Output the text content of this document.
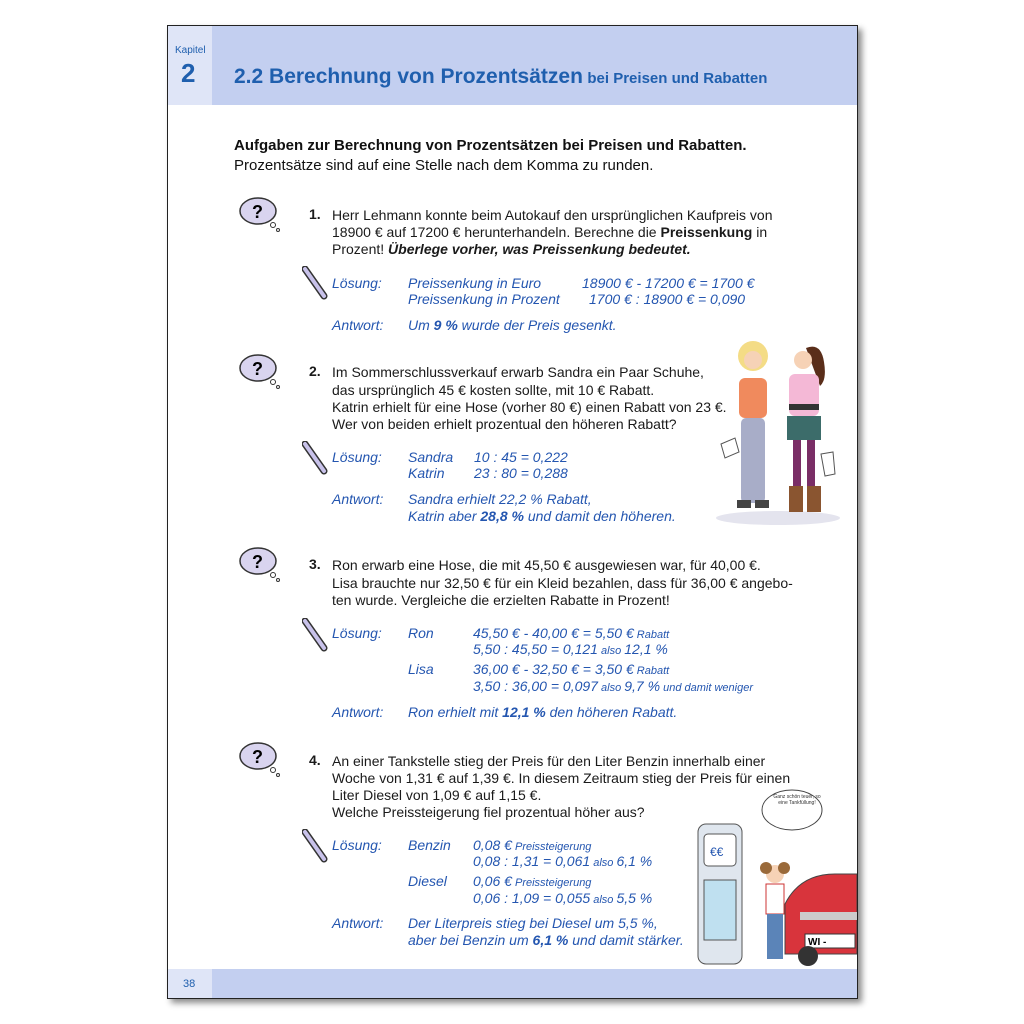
Kapitel
2 2.2 Berechnung von Prozentsätzen bei Preisen und Rabatten
Aufgaben zur Berechnung von Prozentsätzen bei Preisen und Rabatten.
Prozentsätze sind auf eine Stelle nach dem Komma zu runden.
?
?
?
?
1. Herr Lehmann konnte beim Autokauf den ursprünglichen Kaufpreis von
18900 € auf 17200 € herunterhandeln. Berechne die Preissenkung in
Prozent! Überlege vorher, was Preissenkung bedeutet.
Lösung: Preissenkung in Euro	18900 € - 17200 € = 1700 €
Preissenkung in Prozent 1700 € : 18900 € = 0,090
Antwort: Um 9 % wurde der Preis gesenkt.
2. Im Sommerschlussverkauf erwarb Sandra ein Paar Schuhe,
das ursprünglich 45 € kosten sollte, mit 10 € Rabatt.
Katrin erhielt für eine Hose (vorher 80 €) einen Rabatt von 23 €.
Wer von beiden erhielt prozentual den höheren Rabatt?
Lösung: Sandra 10 : 45 = 0,222
Katrin 23 : 80 = 0,288
Antwort: Sandra erhielt 22,2 % Rabatt,
Katrin aber 28,8 % und damit den höheren.
3. Ron erwarb eine Hose, die mit 45,50 € ausgewiesen war, für 40,00 €.
Lisa brauchte nur 32,50 € für ein Kleid bezahlen, dass für 36,00 € angebo-
ten wurde. Vergleiche die erzielten Rabatte in Prozent!
Lösung: Ron	45,50 € - 40,00 € = 5,50 € Rabatt
5,50 : 45,50 = 0,121 also 12,1 %
Lisa	36,00 € - 32,50 € = 3,50 € Rabatt
3,50 : 36,00 = 0,097 also 9,7 % und damit weniger
Antwort: Ron erhielt mit 12,1 % den höheren Rabatt.
4. An einer Tankstelle stieg der Preis für den Liter Benzin innerhalb einer
Woche von 1,31 € auf 1,39 €. In diesem Zeitraum stieg der Preis für einen
Liter Diesel von 1,09 € auf 1,15 €.
Welche Preissteigerung fiel prozentual höher aus?
Lösung: Benzin 0,08 € Preissteigerung
0,08 : 1,31 = 0,061 also 6,1 %
Diesel 0,06 € Preissteigerung
0,06 : 1,09 = 0,055 also 5,5 %
Antwort: Der Literpreis stieg bei Diesel um 5,5 %,
aber bei Benzin um 6,1 % und damit stärker.
€€
WI -
Ganz schön teuer, so eine Tankfüllung!
38
